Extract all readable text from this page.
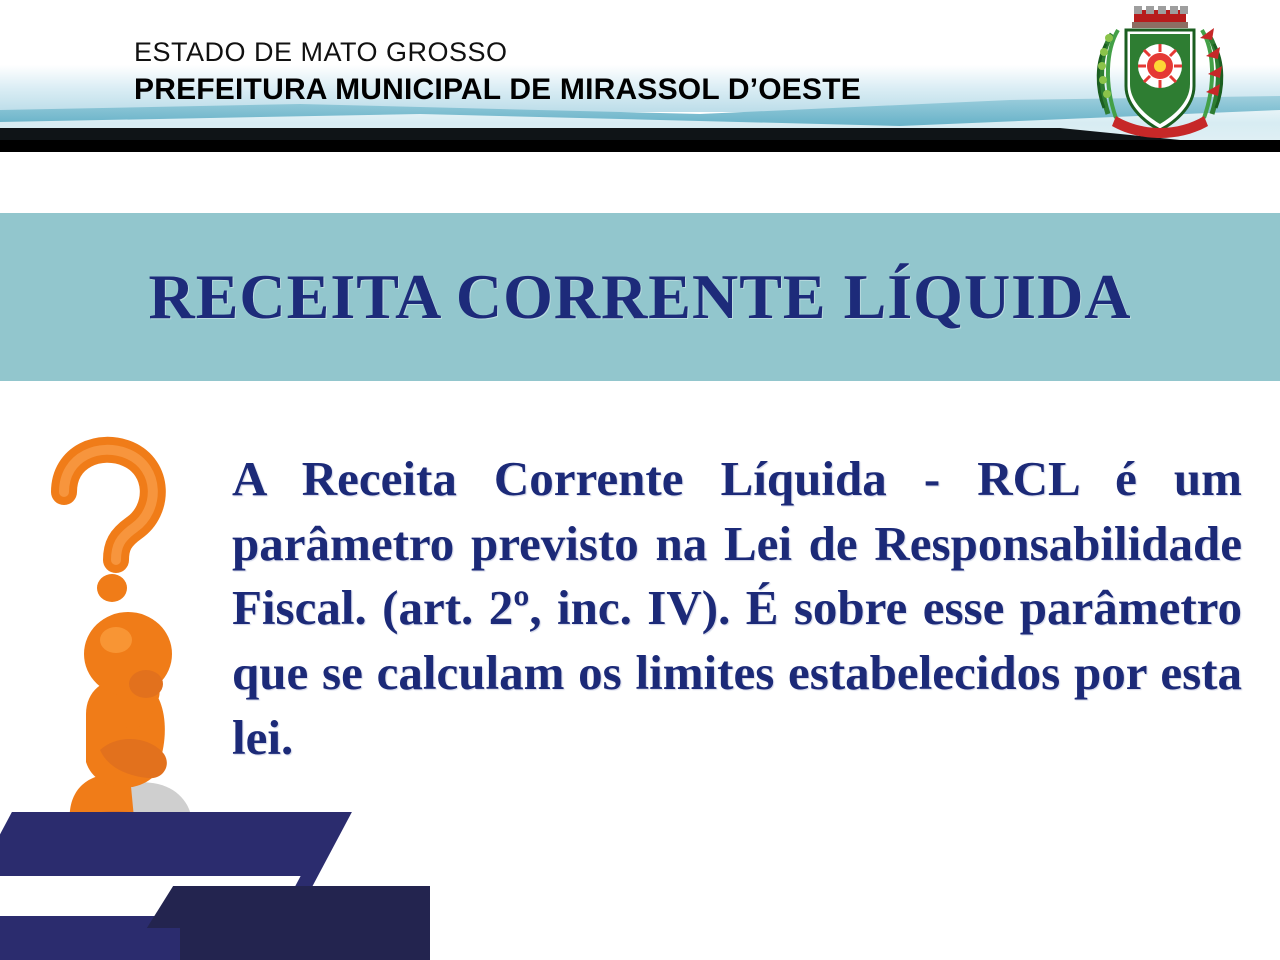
ESTADO DE MATO GROSSO
PREFEITURA MUNICIPAL DE MIRASSOL D’OESTE
RECEITA CORRENTE LÍQUIDA
A Receita Corrente Líquida - RCL é um parâmetro previsto na Lei de Responsabilidade Fiscal. (art. 2º, inc. IV). É sobre esse parâmetro que se calculam os limites estabelecidos por esta lei.
